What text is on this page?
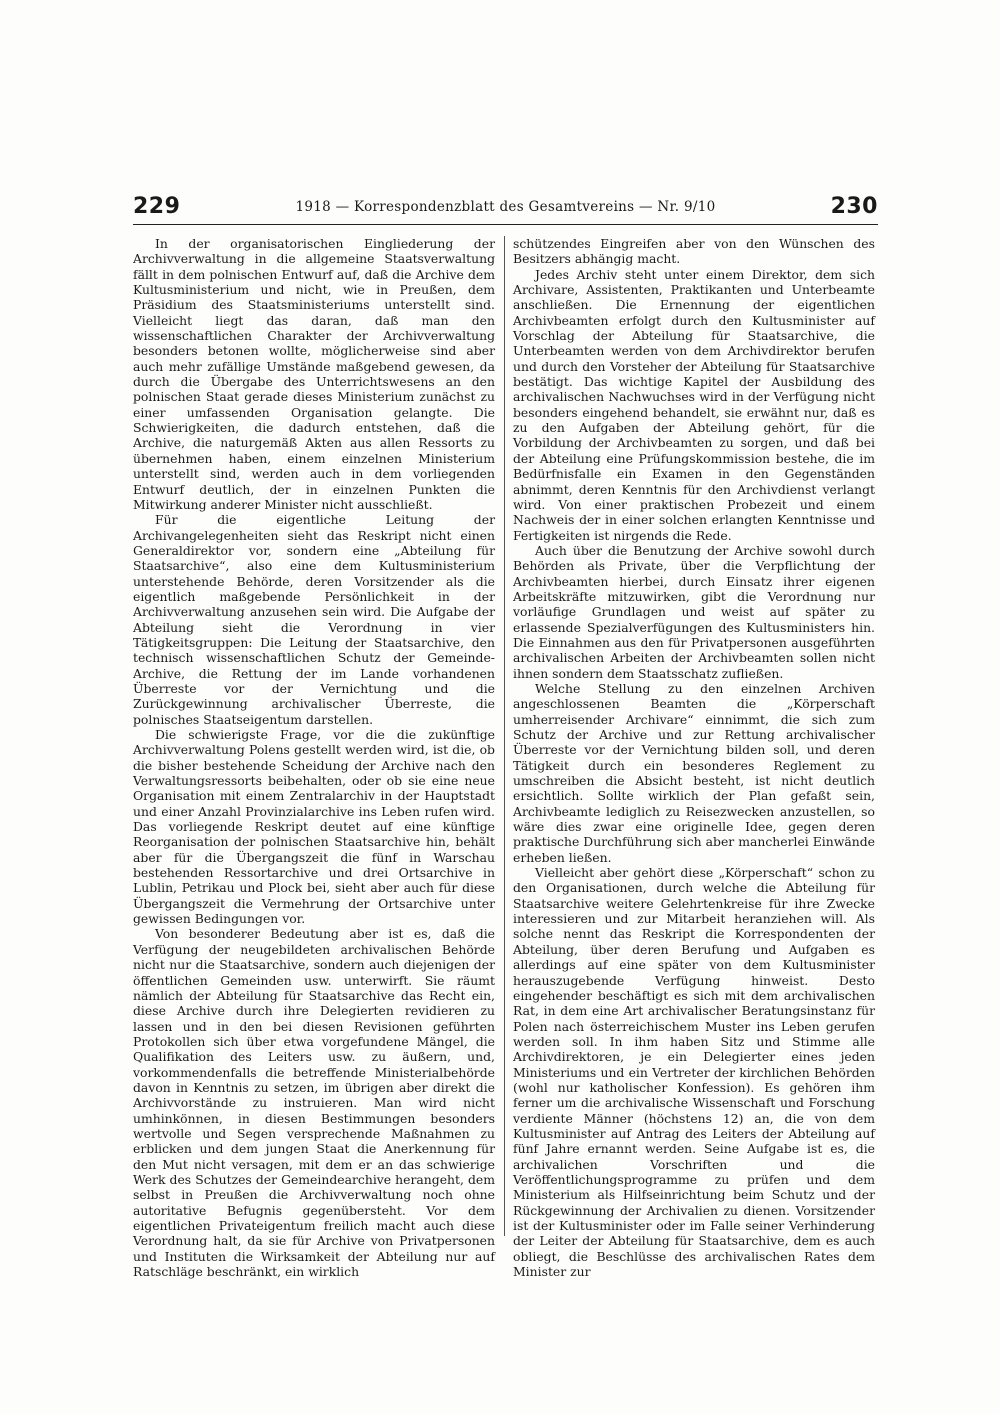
229	1918 — Korrespondenzblatt des Gesamtvereins — Nr. 9/10	230

In der organisatorischen Eingliederung der Archivverwaltung in die allgemeine Staatsverwaltung fällt in dem polnischen Entwurf auf, daß die Archive dem Kultusministerium und nicht, wie in Preußen, dem Präsidium des Staatsministeriums unterstellt sind. Vielleicht liegt das daran, daß man den wissenschaftlichen Charakter der Archivverwaltung besonders betonen wollte, möglicherweise sind aber auch mehr zufällige Umstände maßgebend gewesen, da durch die Übergabe des Unterrichtswesens an den polnischen Staat gerade dieses Ministerium zunächst zu einer umfassenden Organisation gelangte. Die Schwierigkeiten, die dadurch entstehen, daß die Archive, die naturgemäß Akten aus allen Ressorts zu übernehmen haben, einem einzelnen Ministerium unterstellt sind, werden auch in dem vorliegenden Entwurf deutlich, der in einzelnen Punkten die Mitwirkung anderer Minister nicht ausschließt.

Für die eigentliche Leitung der Archivangelegenheiten sieht das Reskript nicht einen Generaldirektor vor, sondern eine „Abteilung für Staatsarchive“, also eine dem Kultusministerium unterstehende Behörde, deren Vorsitzender als die eigentlich maßgebende Persönlichkeit in der Archivverwaltung anzusehen sein wird. Die Aufgabe der Abteilung sieht die Verordnung in vier Tätigkeitsgruppen: Die Leitung der Staatsarchive, den technisch wissenschaftlichen Schutz der Gemeinde-Archive, die Rettung der im Lande vorhandenen Überreste vor der Vernichtung und die Zurückgewinnung archivalischer Überreste, die polnisches Staatseigentum darstellen.

Die schwierigste Frage, vor die die zukünftige Archivverwaltung Polens gestellt werden wird, ist die, ob die bisher bestehende Scheidung der Archive nach den Verwaltungsressorts beibehalten, oder ob sie eine neue Organisation mit einem Zentralarchiv in der Hauptstadt und einer Anzahl Provinzialarchive ins Leben rufen wird. Das vorliegende Reskript deutet auf eine künftige Reorganisation der polnischen Staatsarchive hin, behält aber für die Übergangszeit die fünf in Warschau bestehenden Ressortarchive und drei Ortsarchive in Lublin, Petrikau und Plock bei, sieht aber auch für diese Übergangszeit die Vermehrung der Ortsarchive unter gewissen Bedingungen vor.

Von besonderer Bedeutung aber ist es, daß die Verfügung der neugebildeten archivalischen Behörde nicht nur die Staatsarchive, sondern auch diejenigen der öffentlichen Gemeinden usw. unterwirft. Sie räumt nämlich der Abteilung für Staatsarchive das Recht ein, diese Archive durch ihre Delegierten revidieren zu lassen und in den bei diesen Revisionen geführten Protokollen sich über etwa vorgefundene Mängel, die Qualifikation des Leiters usw. zu äußern, und, vorkommendenfalls die betreffende Ministerialbehörde davon in Kenntnis zu setzen, im übrigen aber direkt die Archivvorstände zu instruieren. Man wird nicht umhinkönnen, in diesen Bestimmungen besonders wertvolle und Segen versprechende Maßnahmen zu erblicken und dem jungen Staat die Anerkennung für den Mut nicht versagen, mit dem er an das schwierige Werk des Schutzes der Gemeindearchive herangeht, dem selbst in Preußen die Archivverwaltung noch ohne autoritative Befugnis gegenübersteht. Vor dem eigentlichen Privateigentum freilich macht auch diese Verordnung halt, da sie für Archive von Privatpersonen und Instituten die Wirksamkeit der Abteilung nur auf Ratschläge beschränkt, ein wirklich

schützendes Eingreifen aber von den Wünschen des Besitzers abhängig macht.

Jedes Archiv steht unter einem Direktor, dem sich Archivare, Assistenten, Praktikanten und Unterbeamte anschließen. Die Ernennung der eigentlichen Archivbeamten erfolgt durch den Kultusminister auf Vorschlag der Abteilung für Staatsarchive, die Unterbeamten werden von dem Archivdirektor berufen und durch den Vorsteher der Abteilung für Staatsarchive bestätigt. Das wichtige Kapitel der Ausbildung des archivalischen Nachwuchses wird in der Verfügung nicht besonders eingehend behandelt, sie erwähnt nur, daß es zu den Aufgaben der Abteilung gehört, für die Vorbildung der Archivbeamten zu sorgen, und daß bei der Abteilung eine Prüfungskommission bestehe, die im Bedürfnisfalle ein Examen in den Gegenständen abnimmt, deren Kenntnis für den Archivdienst verlangt wird. Von einer praktischen Probezeit und einem Nachweis der in einer solchen erlangten Kenntnisse und Fertigkeiten ist nirgends die Rede.

Auch über die Benutzung der Archive sowohl durch Behörden als Private, über die Verpflichtung der Archivbeamten hierbei, durch Einsatz ihrer eigenen Arbeitskräfte mitzuwirken, gibt die Verordnung nur vorläufige Grundlagen und weist auf später zu erlassende Spezialverfügungen des Kultusministers hin. Die Einnahmen aus den für Privatpersonen ausgeführten archivalischen Arbeiten der Archivbeamten sollen nicht ihnen sondern dem Staatsschatz zufließen.

Welche Stellung zu den einzelnen Archiven angeschlossenen Beamten die „Körperschaft umherreisender Archivare“ einnimmt, die sich zum Schutz der Archive und zur Rettung archivalischer Überreste vor der Vernichtung bilden soll, und deren Tätigkeit durch ein besonderes Reglement zu umschreiben die Absicht besteht, ist nicht deutlich ersichtlich. Sollte wirklich der Plan gefaßt sein, Archivbeamte lediglich zu Reisezwecken anzustellen, so wäre dies zwar eine originelle Idee, gegen deren praktische Durchführung sich aber mancherlei Einwände erheben ließen.

Vielleicht aber gehört diese „Körperschaft“ schon zu den Organisationen, durch welche die Abteilung für Staatsarchive weitere Gelehrtenkreise für ihre Zwecke interessieren und zur Mitarbeit heranziehen will. Als solche nennt das Reskript die Korrespondenten der Abteilung, über deren Berufung und Aufgaben es allerdings auf eine später von dem Kultusminister herauszugebende Verfügung hinweist. Desto eingehender beschäftigt es sich mit dem archivalischen Rat, in dem eine Art archivalischer Beratungsinstanz für Polen nach österreichischem Muster ins Leben gerufen werden soll. In ihm haben Sitz und Stimme alle Archivdirektoren, je ein Delegierter eines jeden Ministeriums und ein Vertreter der kirchlichen Behörden (wohl nur katholischer Konfession). Es gehören ihm ferner um die archivalische Wissenschaft und Forschung verdiente Männer (höchstens 12) an, die von dem Kultusminister auf Antrag des Leiters der Abteilung auf fünf Jahre ernannt werden. Seine Aufgabe ist es, die archivalichen Vorschriften und die Veröffentlichungsprogramme zu prüfen und dem Ministerium als Hilfseinrichtung beim Schutz und der Rückgewinnung der Archivalien zu dienen. Vorsitzender ist der Kultusminister oder im Falle seiner Verhinderung der Leiter der Abteilung für Staatsarchive, dem es auch obliegt, die Beschlüsse des archivalischen Rates dem Minister zur
